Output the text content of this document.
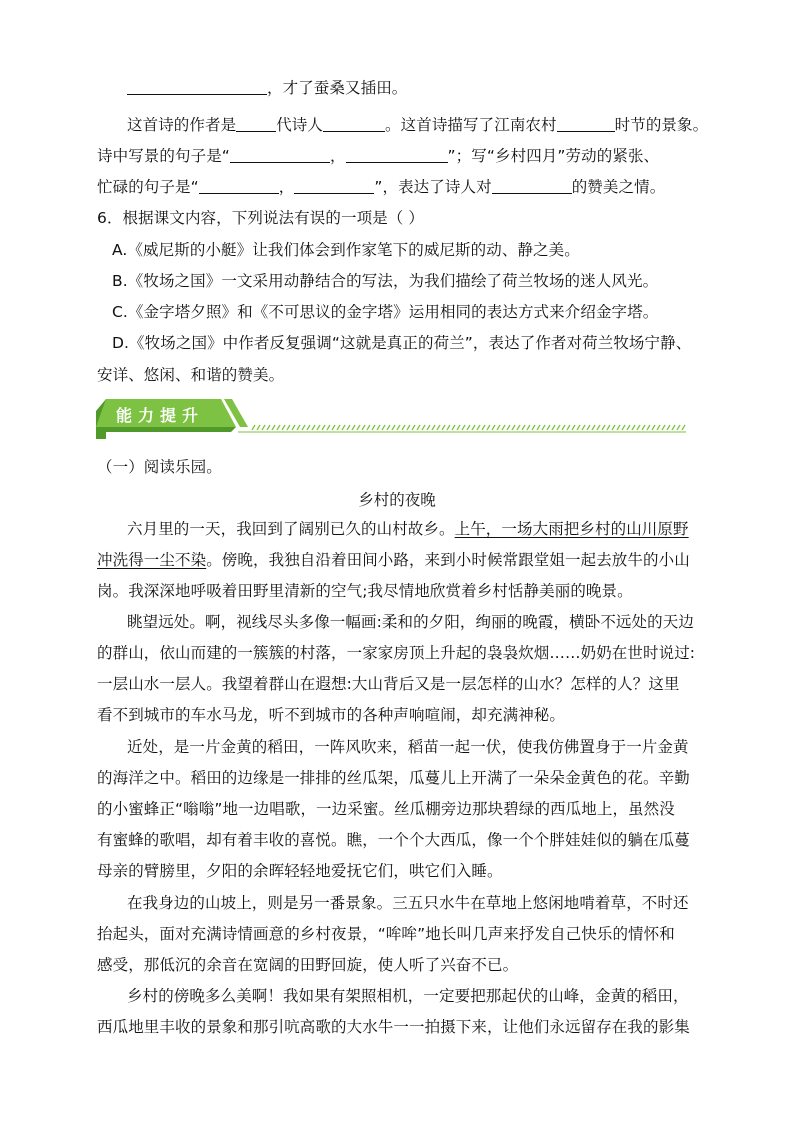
，才了蚕桑又插田。
这首诗的作者是	代诗人	。这首诗描写了江南农村	时节的景象。
诗中写景的句子是“	，	”；写“乡村四月”劳动的紧张、
忙碌的句子是“	，	”，表达了诗人对	的赞美之情。
6．根据课文内容，下列说法有误的一项是（ ）
A.《威尼斯的小艇》让我们体会到作家笔下的威尼斯的动、静之美。
B.《牧场之国》一文采用动静结合的写法，为我们描绘了荷兰牧场的迷人风光。
C.《金字塔夕照》和《不可思议的金字塔》运用相同的表达方式来介绍金字塔。
D.《牧场之国》中作者反复强调“这就是真正的荷兰”，表达了作者对荷兰牧场宁静、
安详、悠闲、和谐的赞美。
能力提升
（一）阅读乐园。
乡村的夜晚
六月里的一天，我回到了阔别已久的山村故乡。上午，一场大雨把乡村的山川原野
冲洗得一尘不染。傍晚，我独自沿着田间小路，来到小时候常跟堂姐一起去放牛的小山
岗。我深深地呼吸着田野里清新的空气;我尽情地欣赏着乡村恬静美丽的晚景。
眺望远处。啊，视线尽头多像一幅画:柔和的夕阳，绚丽的晚霞，横卧不远处的天边
的群山，依山而建的一簇簇的村落，一家家房顶上升起的袅袅炊烟……奶奶在世时说过:
一层山水一层人。我望着群山在遐想:大山背后又是一层怎样的山水？怎样的人？这里
看不到城市的车水马龙，听不到城市的各种声响喧闹，却充满神秘。
近处，是一片金黄的稻田，一阵风吹来，稻苗一起一伏，使我仿佛置身于一片金黄
的海洋之中。稻田的边缘是一排排的丝瓜架，瓜蔓儿上开满了一朵朵金黄色的花。辛勤
的小蜜蜂正“嗡嗡”地一边唱歌，一边采蜜。丝瓜棚旁边那块碧绿的西瓜地上，虽然没
有蜜蜂的歌唱，却有着丰收的喜悦。瞧，一个个大西瓜，像一个个胖娃娃似的躺在瓜蔓
母亲的臂膀里，夕阳的余晖轻轻地爱抚它们，哄它们入睡。
在我身边的山坡上，则是另一番景象。三五只水牛在草地上悠闲地啃着草，不时还
抬起头，面对充满诗情画意的乡村夜景，“哞哞”地长叫几声来抒发自己快乐的情怀和
感受，那低沉的余音在宽阔的田野回旋，使人听了兴奋不已。
乡村的傍晚多么美啊！我如果有架照相机，一定要把那起伏的山峰，金黄的稻田，
西瓜地里丰收的景象和那引吭高歌的大水牛一一拍摄下来，让他们永远留存在我的影集
